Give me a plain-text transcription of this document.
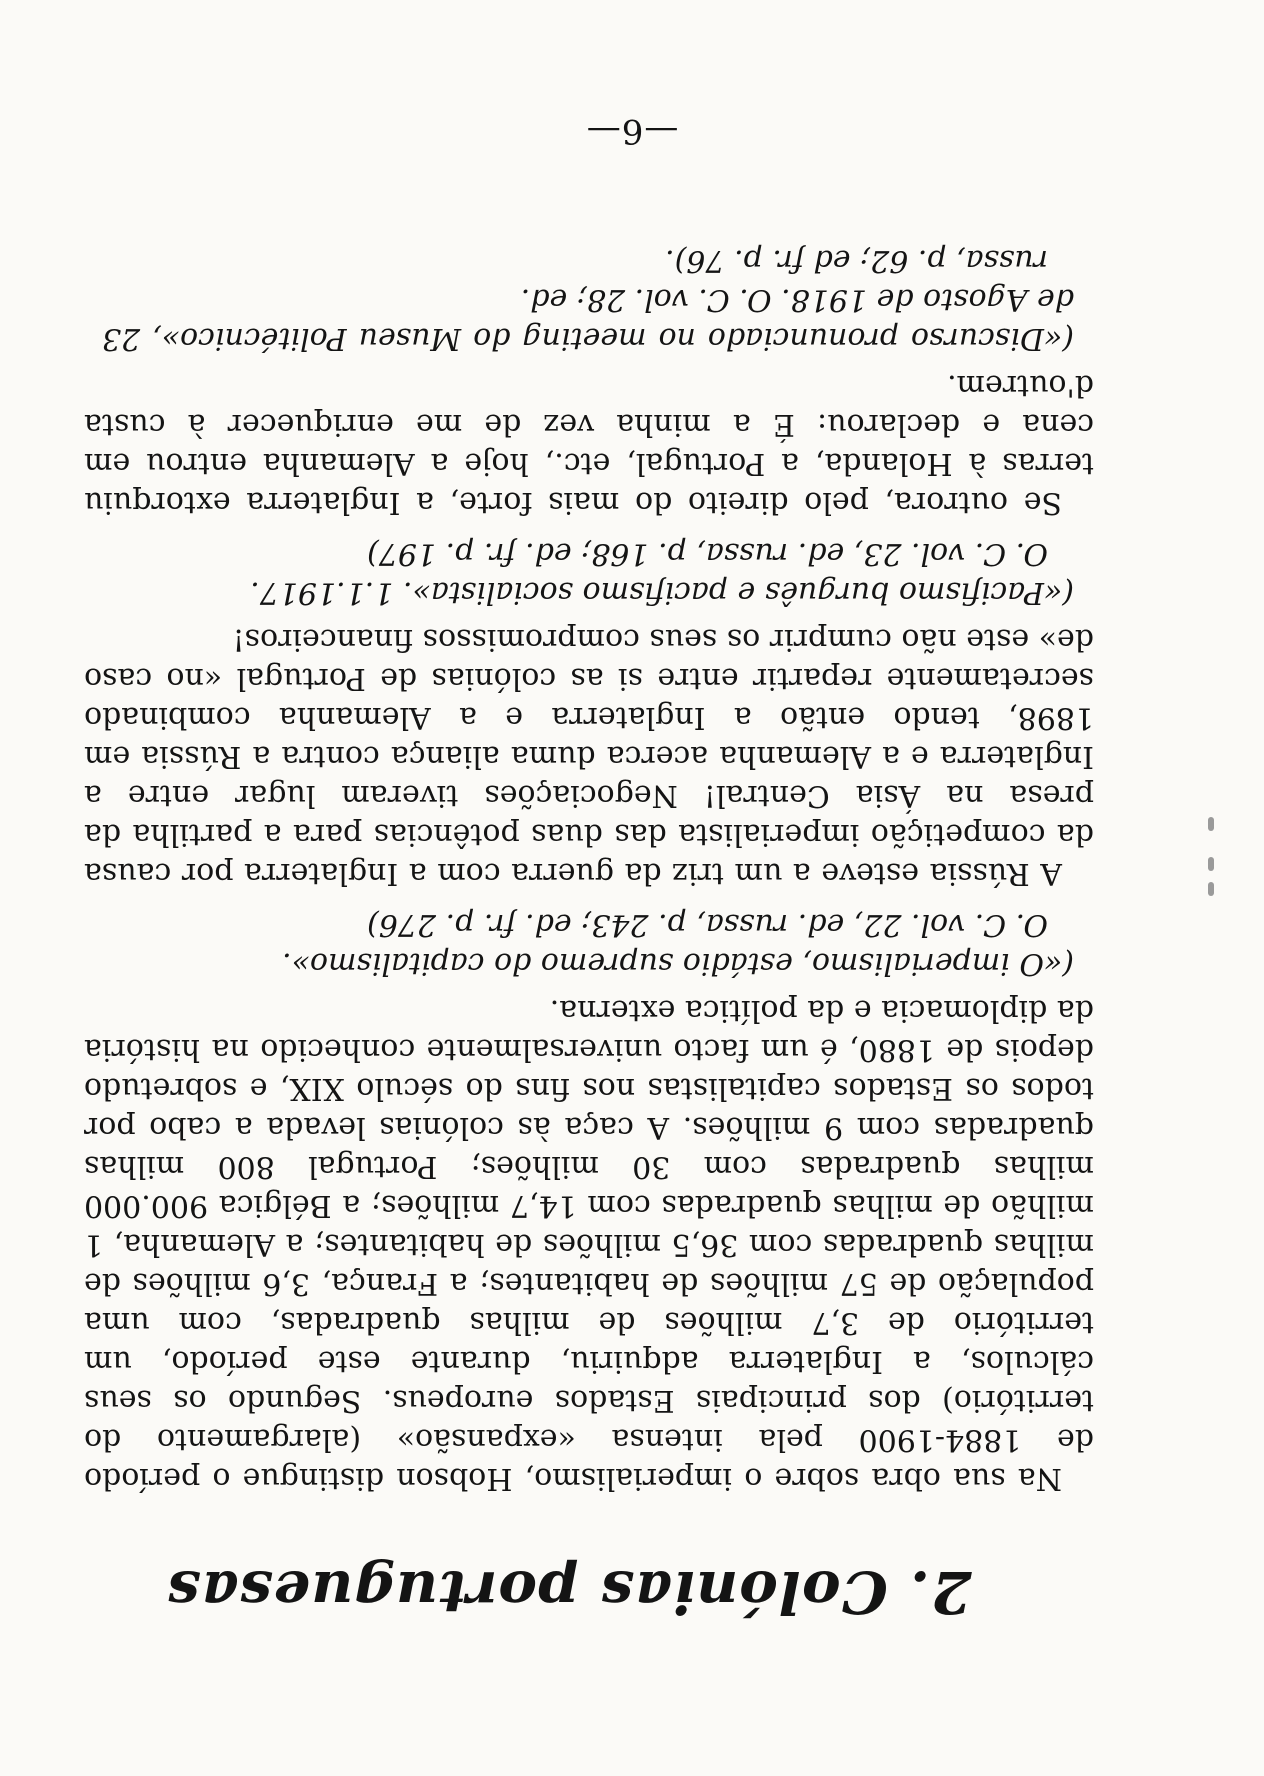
2. Colónias portuguesas

Na sua obra sobre o imperialismo, Hobson distingue o período de 1884-1900 pela intensa «expansão» (alargamento do território) dos principais Estados europeus. Segundo os seus cálculos, a Inglaterra adquiriu, durante este período, um território de 3,7 milhões de milhas quadradas, com uma população de 57 milhões de habitantes; a França, 3,6 milhões de milhas quadradas com 36,5 milhões de habitantes; a Alemanha, 1 milhão de milhas quadradas com 14,7 milhões; a Bélgica 900.000 milhas quadradas com 30 milhões; Portugal 800 milhas quadradas com 9 milhões. A caça às colónias levada a cabo por todos os Estados capitalistas nos fins do século XIX, e sobretudo depois de 1880, é um facto universalmente conhecido na história da diplomacia e da política externa.

(«O imperialismo, estádio supremo do capitalismo».
O. C. vol. 22, ed. russa, p. 243; ed. fr. p. 276)

A Rússia esteve a um triz da guerra com a Inglaterra por causa da competição imperialista das duas potências para a partilha da presa na Ásia Central! Negociações tiveram lugar entre a Inglaterra e a Alemanha acerca duma aliança contra a Rússia em 1898, tendo então a Inglaterra e a Alemanha combinado secretamente repartir entre si as colónias de Portugal «no caso de» este não cumprir os seus compromissos financeiros!

(«Pacifismo burguês e pacifismo socialista». 1.1.1917.
O. C. vol. 23, ed. russa, p. 168; ed. fr. p. 197)

Se outrora, pelo direito do mais forte, a Inglaterra extorquiu terras à Holanda, a Portugal, etc., hoje a Alemanha entrou em cena e declarou: É a minha vez de me enriquecer à custa d'outrem.

(«Discurso pronunciado no meeting do Museu Politécnico», 23 de Agosto de 1918. O. C. vol. 28; ed.
russa, p. 62; ed fr. p. 76).
—6—
